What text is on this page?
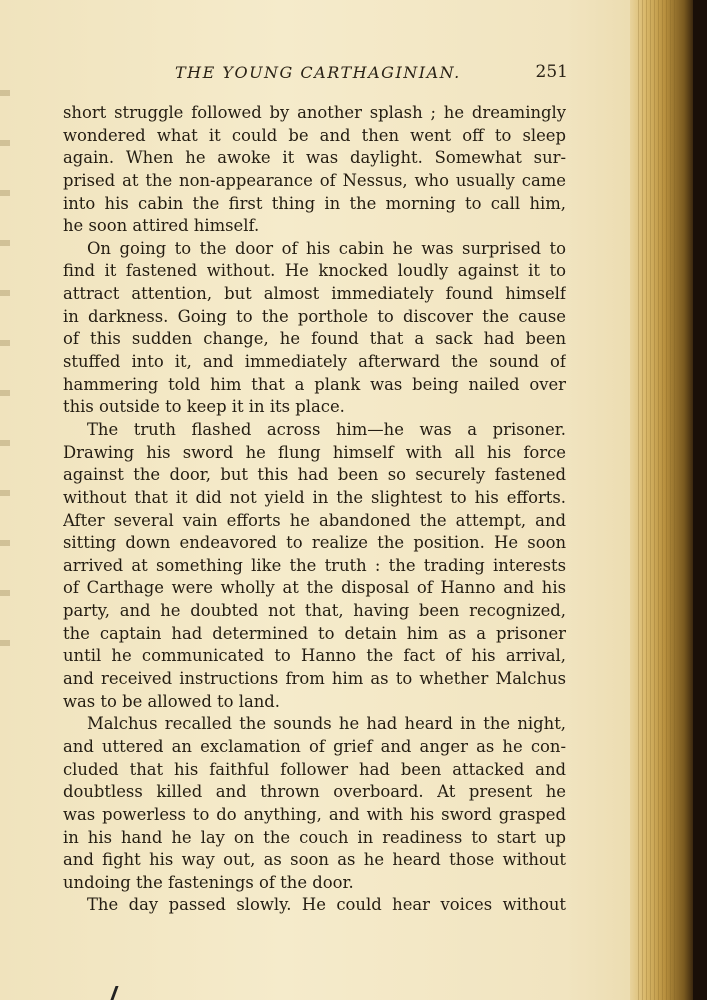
THE YOUNG CARTHAGINIAN.	251
short struggle followed by another splash ; he dreamingly
wondered what it could be and then went off to sleep
again. When he awoke it was daylight. Somewhat sur-
prised at the non-appearance of Nessus, who usually came
into his cabin the first thing in the morning to call him,
he soon attired himself.
On going to the door of his cabin he was surprised to
find it fastened without. He knocked loudly against it to
attract attention, but almost immediately found himself
in darkness. Going to the porthole to discover the cause
of this sudden change, he found that a sack had been
stuffed into it, and immediately afterward the sound of
hammering told him that a plank was being nailed over
this outside to keep it in its place.
The truth flashed across him—he was a prisoner.
Drawing his sword he flung himself with all his force
against the door, but this had been so securely fastened
without that it did not yield in the slightest to his efforts.
After several vain efforts he abandoned the attempt, and
sitting down endeavored to realize the position. He soon
arrived at something like the truth : the trading interests
of Carthage were wholly at the disposal of Hanno and his
party, and he doubted not that, having been recognized,
the captain had determined to detain him as a prisoner
until he communicated to Hanno the fact of his arrival,
and received instructions from him as to whether Malchus
was to be allowed to land.
Malchus recalled the sounds he had heard in the night,
and uttered an exclamation of grief and anger as he con-
cluded that his faithful follower had been attacked and
doubtless killed and thrown overboard. At present he
was powerless to do anything, and with his sword grasped
in his hand he lay on the couch in readiness to start up
and fight his way out, as soon as he heard those without
undoing the fastenings of the door.
The day passed slowly. He could hear voices without
